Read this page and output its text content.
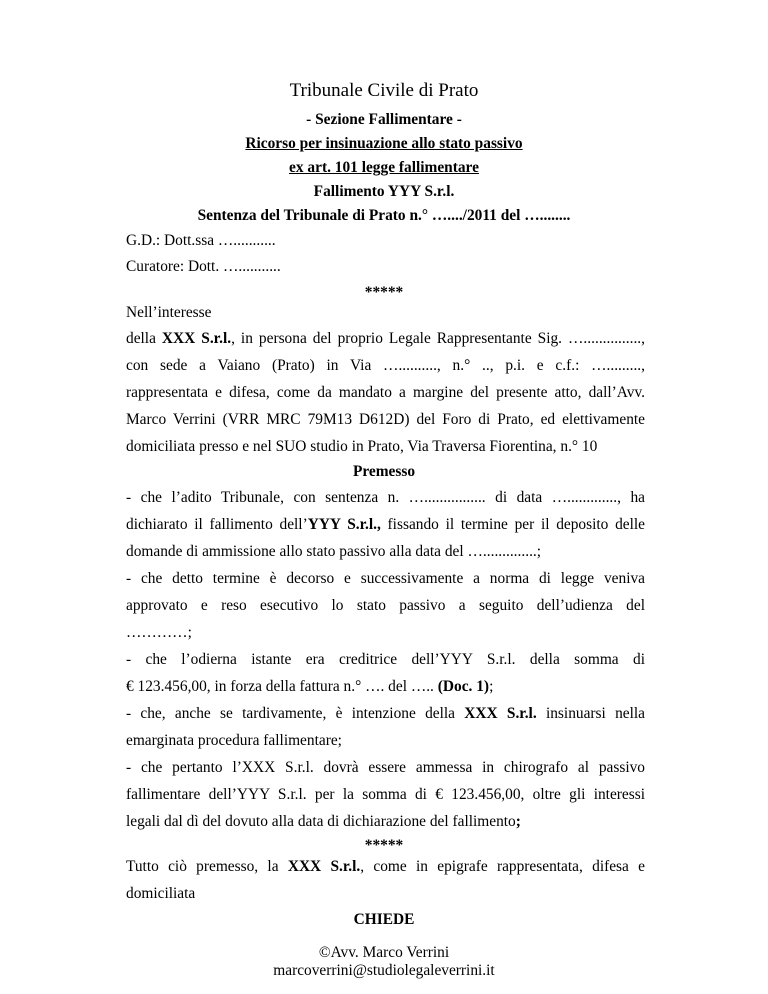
Tribunale Civile di Prato
- Sezione Fallimentare -
Ricorso per insinuazione allo stato passivo
ex art. 101 legge fallimentare
Fallimento YYY S.r.l.
Sentenza del Tribunale di Prato n.° …..../2011 del …........
G.D.: Dott.ssa …...........
Curatore: Dott. …...........
*****
Nell’interesse
della XXX S.r.l., in persona del proprio Legale Rappresentante Sig. …...............,
con sede a Vaiano (Prato) in Via ….........., n.° .., p.i. e c.f.: ….........,
rappresentata e difesa, come da mandato a margine del presente atto, dall’Avv.
Marco Verrini (VRR MRC 79M13 D612D) del Foro di Prato, ed elettivamente
domiciliata presso e nel SUO studio in Prato, Via Traversa Fiorentina, n.° 10
Premesso
- che l’adito Tribunale, con sentenza n. …................ di data …............., ha
dichiarato il fallimento dell’YYY S.r.l., fissando il termine per il deposito delle
domande di ammissione allo stato passivo alla data del …..............;
- che detto termine è decorso e successivamente a norma di legge veniva
approvato e reso esecutivo lo stato passivo a seguito dell’udienza del
…………;
- che l’odierna istante era creditrice dell’YYY S.r.l. della somma di
€ 123.456,00, in forza della fattura n.° …. del ….. (Doc. 1);
- che, anche se tardivamente, è intenzione della XXX S.r.l. insinuarsi nella
emarginata procedura fallimentare;
- che pertanto l’XXX S.r.l. dovrà essere ammessa in chirografo al passivo
fallimentare dell’YYY S.r.l. per la somma di € 123.456,00, oltre gli interessi
legali dal dì del dovuto alla data di dichiarazione del fallimento;
*****
Tutto ciò premesso, la XXX S.r.l., come in epigrafe rappresentata, difesa e
domiciliata
CHIEDE
©Avv. Marco Verrini
marcoverrini@studiolegaleverrini.it
